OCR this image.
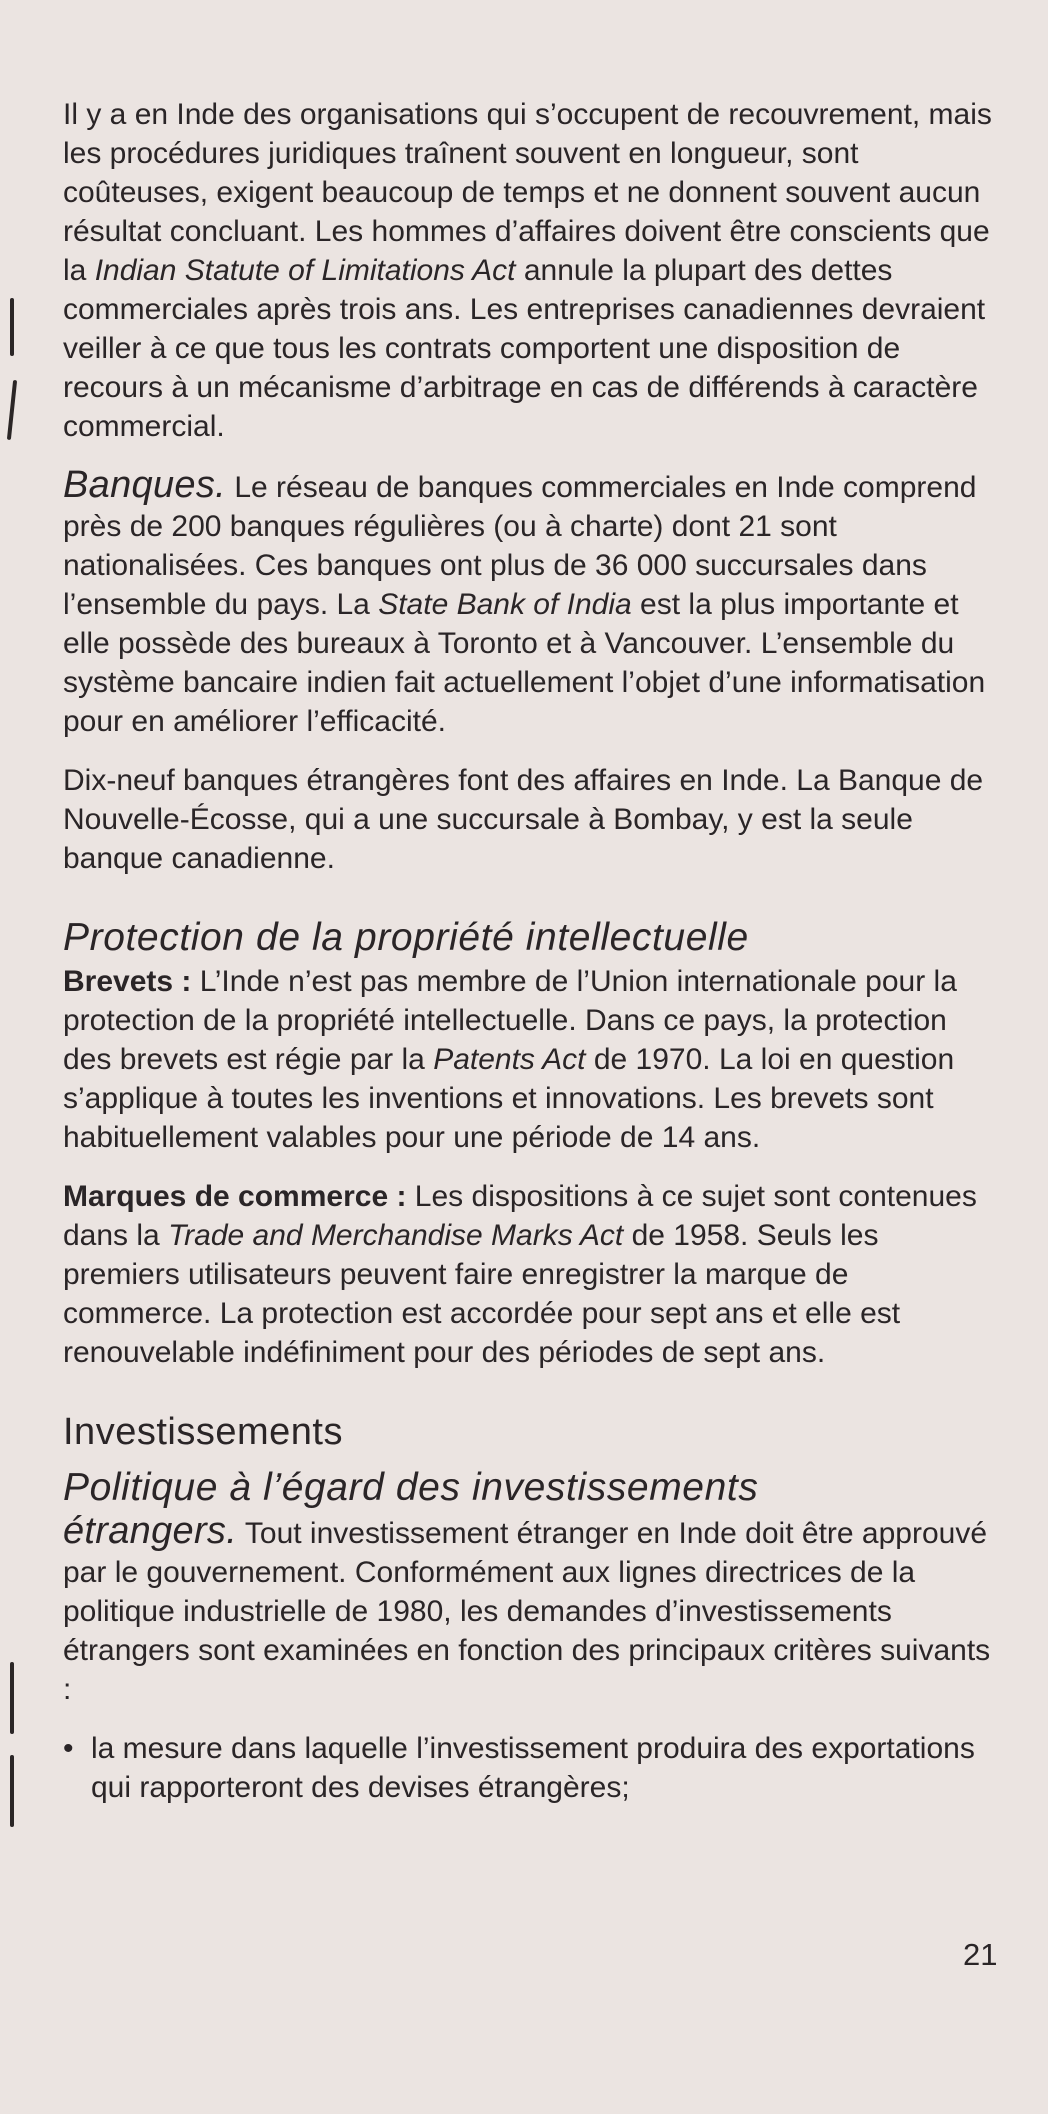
Il y a en Inde des organisations qui s’occupent de recouvrement, mais les procédures juridiques traînent souvent en longueur, sont coûteuses, exigent beaucoup de temps et ne donnent souvent aucun résultat concluant. Les hommes d’affaires doivent être conscients que la Indian Statute of Limitations Act annule la plupart des dettes commerciales après trois ans. Les entreprises canadiennes devraient veiller à ce que tous les contrats comportent une disposition de recours à un mécanisme d’arbitrage en cas de différends à caractère commercial.

Banques. Le réseau de banques commerciales en Inde comprend près de 200 banques régulières (ou à charte) dont 21 sont nationalisées. Ces banques ont plus de 36 000 succursales dans l’ensemble du pays. La State Bank of India est la plus importante et elle possède des bureaux à Toronto et à Vancouver. L’ensemble du système bancaire indien fait actuellement l’objet d’une informatisation pour en améliorer l’efficacité.

Dix-neuf banques étrangères font des affaires en Inde. La Banque de Nouvelle-Écosse, qui a une succursale à Bombay, y est la seule banque canadienne.

Protection de la propriété intellectuelle

Brevets : L’Inde n’est pas membre de l’Union internationale pour la protection de la propriété intellectuelle. Dans ce pays, la protection des brevets est régie par la Patents Act de 1970. La loi en question s’applique à toutes les inventions et innovations. Les brevets sont habituellement valables pour une période de 14 ans.

Marques de commerce : Les dispositions à ce sujet sont contenues dans la Trade and Merchandise Marks Act de 1958. Seuls les premiers utilisateurs peuvent faire enregistrer la marque de commerce. La protection est accordée pour sept ans et elle est renouvelable indéfiniment pour des périodes de sept ans.

Investissements
Politique à l’égard des investissements

étrangers. Tout investissement étranger en Inde doit être approuvé par le gouvernement. Conformément aux lignes directrices de la politique industrielle de 1980, les demandes d’investissements étrangers sont examinées en fonction des principaux critères suivants :

• la mesure dans laquelle l’investissement produira des exportations qui rapporteront des devises étrangères;

21
